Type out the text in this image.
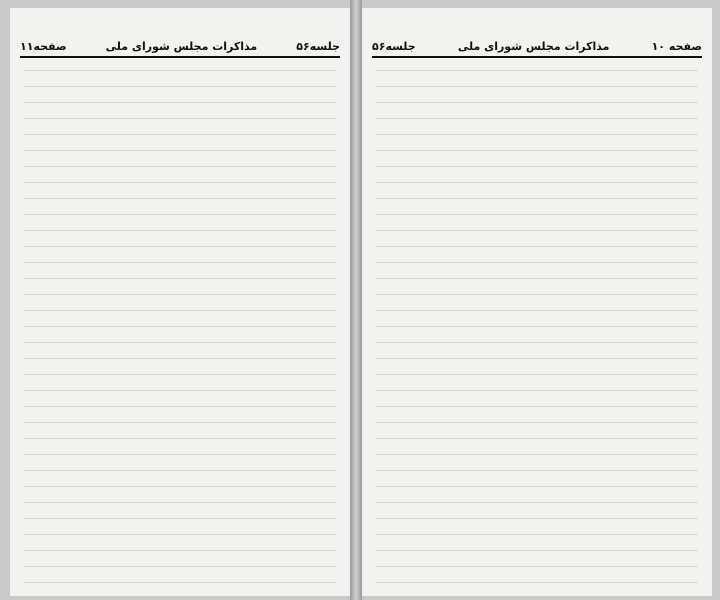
جلسه۵۶
مذاکرات مجلس شورای ملی
صفحه۱۱	صفحه ۱۰
مذاکرات مجلس شورای ملی
جلسه۵۶
